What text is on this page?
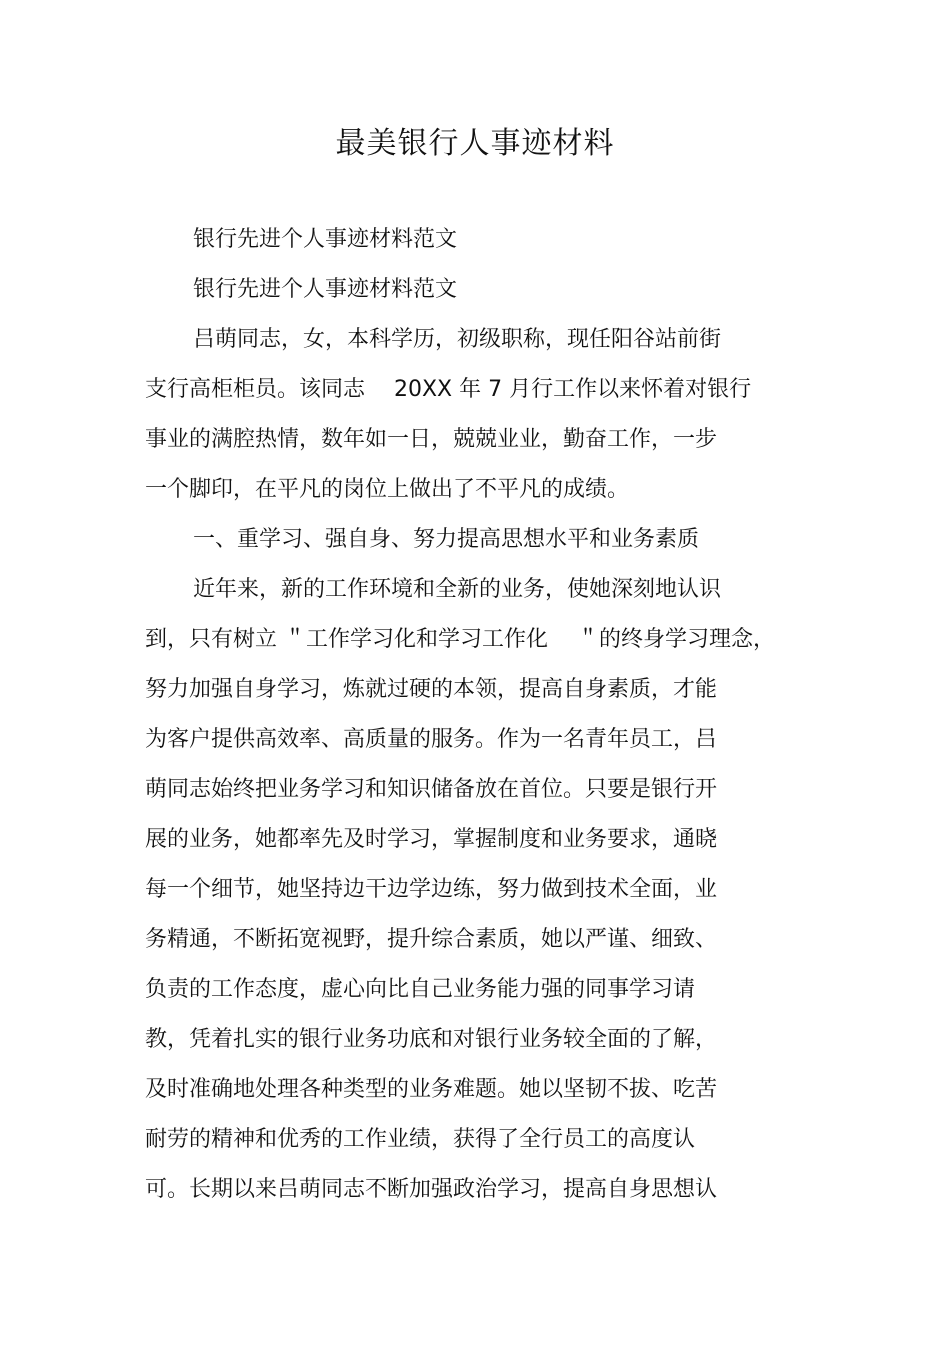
最美银行人事迹材料

银行先进个人事迹材料范文

银行先进个人事迹材料范文

吕萌同志，女，本科学历，初级职称，现任阳谷站前街

支行高柜柜员。该同志　 20XX 年 7 月行工作以来怀着对银行

事业的满腔热情，数年如一日，兢兢业业，勤奋工作，一步

一个脚印，在平凡的岗位上做出了不平凡的成绩。

一、重学习、强自身、努力提高思想水平和业务素质

近年来，新的工作环境和全新的业务，使她深刻地认识

到，只有树立 ＂工作学习化和学习工作化　 ＂的终身学习理念，

努力加强自身学习，炼就过硬的本领，提高自身素质，才能

为客户提供高效率、高质量的服务。作为一名青年员工，吕

萌同志始终把业务学习和知识储备放在首位。只要是银行开

展的业务，她都率先及时学习，掌握制度和业务要求，通晓

每一个细节，她坚持边干边学边练，努力做到技术全面，业

务精通，不断拓宽视野，提升综合素质，她以严谨、细致、

负责的工作态度，虚心向比自己业务能力强的同事学习请

教，凭着扎实的银行业务功底和对银行业务较全面的了解，

及时准确地处理各种类型的业务难题。她以坚韧不拔、吃苦

耐劳的精神和优秀的工作业绩，获得了全行员工的高度认

可。长期以来吕萌同志不断加强政治学习，提高自身思想认
